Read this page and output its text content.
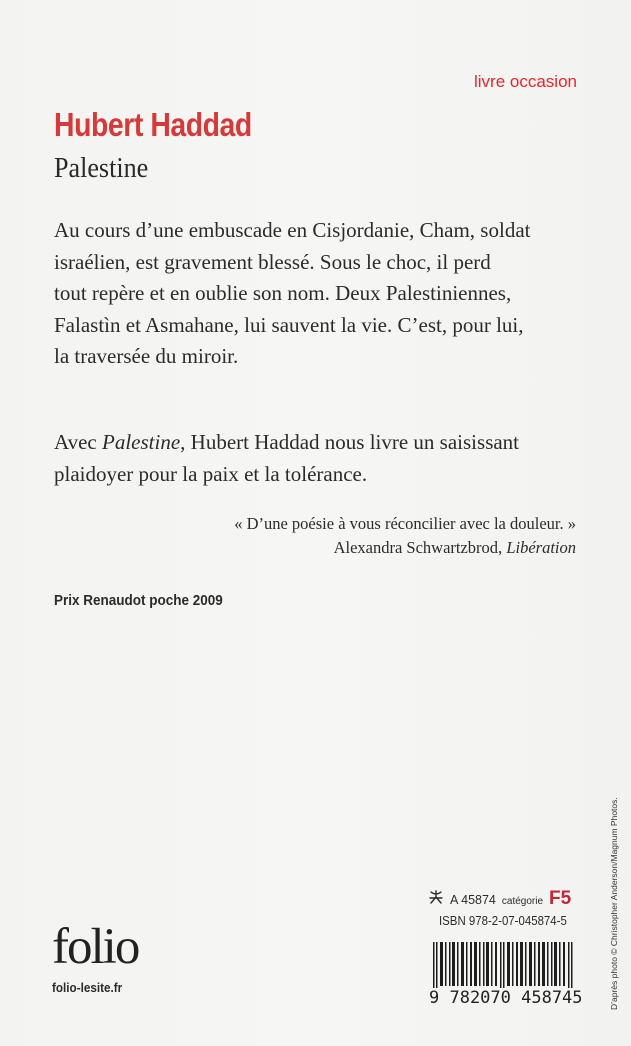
livre occasion
Hubert Haddad
Palestine

Au cours d’une embuscade en Cisjordanie, Cham, soldat

israélien, est gravement blessé. Sous le choc, il perd

tout repère et en oublie son nom. Deux Palestiniennes,

Falastìn et Asmahane, lui sauvent la vie. C’est, pour lui,

la traversée du miroir.

Avec Palestine, Hubert Haddad nous livre un saisissant

plaidoyer pour la paix et la tolérance.

« D’une poésie à vous réconcilier avec la douleur. »
Alexandra Schwartzbrod, Libération
Prix Renaudot poche 2009
folio
folio-lesite.fr
A 45874 catégorie F5
ISBN 978-2-07-045874-5
9 782070 458745	D’après photo © Christopher Anderson/Magnum Photos.
